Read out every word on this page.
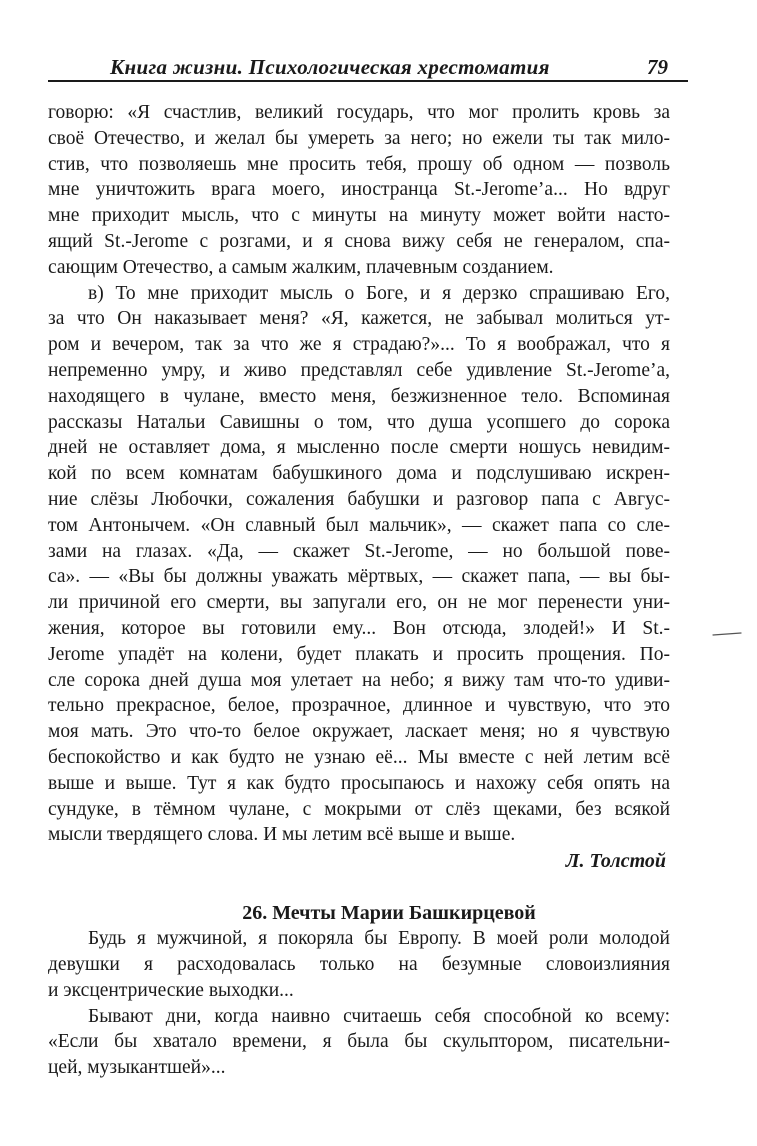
Книга жизни. Психологическая хрестоматия	79
говорю: «Я счастлив, великий государь, что мог пролить кровь за
своё Отечество, и желал бы умереть за него; но ежели ты так мило-
стив, что позволяешь мне просить тебя, прошу об одном — позволь
мне уничтожить врага моего, иностранца St.-Jerome’а... Но вдруг
мне приходит мысль, что с минуты на минуту может войти насто-
ящий St.-Jerome с розгами, и я снова вижу себя не генералом, спа-
сающим Отечество, а самым жалким, плачевным созданием.
в) То мне приходит мысль о Боге, и я дерзко спрашиваю Его,
за что Он наказывает меня? «Я, кажется, не забывал молиться ут-
ром и вечером, так за что же я страдаю?»... То я воображал, что я
непременно умру, и живо представлял себе удивление St.-Jerome’а,
находящего в чулане, вместо меня, безжизненное тело. Вспоминая
рассказы Натальи Савишны о том, что душа усопшего до сорока
дней не оставляет дома, я мысленно после смерти ношусь невидим-
кой по всем комнатам бабушкиного дома и подслушиваю искрен-
ние слёзы Любочки, сожаления бабушки и разговор папа с Авгус-
том Антонычем. «Он славный был мальчик», — скажет папа со сле-
зами на глазах. «Да, — скажет St.-Jerome, — но большой пове-
са». — «Вы бы должны уважать мёртвых, — скажет папа, — вы бы-
ли причиной его смерти, вы запугали его, он не мог перенести уни-
жения, которое вы готовили ему... Вон отсюда, злодей!» И St.-
Jerome упадёт на колени, будет плакать и просить прощения. По-
сле сорока дней душа моя улетает на небо; я вижу там что-то удиви-
тельно прекрасное, белое, прозрачное, длинное и чувствую, что это
моя мать. Это что-то белое окружает, ласкает меня; но я чувствую
беспокойство и как будто не узнаю её... Мы вместе с ней летим всё
выше и выше. Тут я как будто просыпаюсь и нахожу себя опять на
сундуке, в тёмном чулане, с мокрыми от слёз щеками, без всякой
мысли твердящего слова. И мы летим всё выше и выше.
Л. Толстой
26. Мечты Марии Башкирцевой
Будь я мужчиной, я покоряла бы Европу. В моей роли молодой
девушки я расходовалась только на безумные словоизлияния
и эксцентрические выходки...
Бывают дни, когда наивно считаешь себя способной ко всему:
«Если бы хватало времени, я была бы скульптором, писательни-
цей, музыкантшей»...
